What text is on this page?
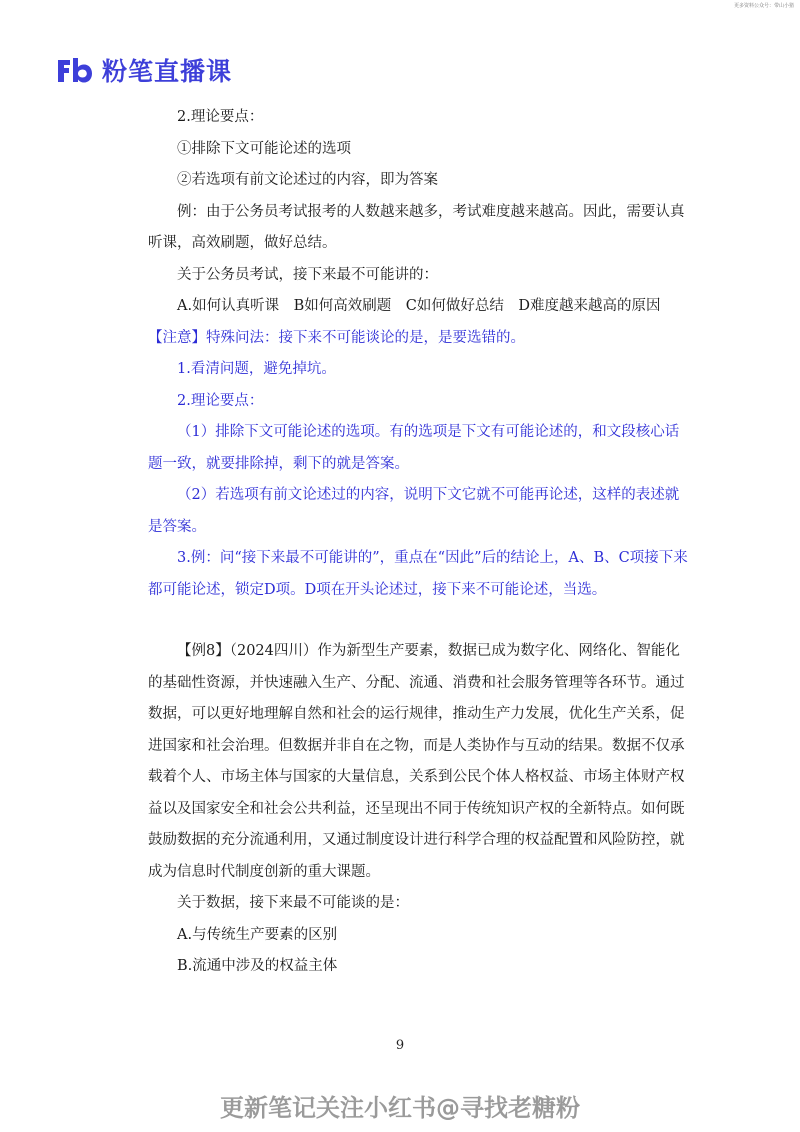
更多资料公众号：带山小猪
粉笔直播课

2.理论要点：

①排除下文可能论述的选项

②若选项有前文论述过的内容，即为答案

例：由于公务员考试报考的人数越来越多，考试难度越来越高。因此，需要认真听课，高效刷题，做好总结。

关于公务员考试，接下来最不可能讲的：

A.如何认真听课　B如何高效刷题　C如何做好总结　D难度越来越高的原因

【注意】特殊问法：接下来不可能谈论的是，是要选错的。

1.看清问题，避免掉坑。

2.理论要点：

（1）排除下文可能论述的选项。有的选项是下文有可能论述的，和文段核心话题一致，就要排除掉，剩下的就是答案。

（2）若选项有前文论述过的内容，说明下文它就不可能再论述，这样的表述就是答案。

3.例：问“接下来最不可能讲的”，重点在“因此”后的结论上，A、B、C项接下来都可能论述，锁定D项。D项在开头论述过，接下来不可能论述，当选。

【例8】（2024四川）作为新型生产要素，数据已成为数字化、网络化、智能化的基础性资源，并快速融入生产、分配、流通、消费和社会服务管理等各环节。通过数据，可以更好地理解自然和社会的运行规律，推动生产力发展，优化生产关系，促进国家和社会治理。但数据并非自在之物，而是人类协作与互动的结果。数据不仅承载着个人、市场主体与国家的大量信息，关系到公民个体人格权益、市场主体财产权益以及国家安全和社会公共利益，还呈现出不同于传统知识产权的全新特点。如何既鼓励数据的充分流通利用，又通过制度设计进行科学合理的权益配置和风险防控，就成为信息时代制度创新的重大课题。

关于数据，接下来最不可能谈的是：

A.与传统生产要素的区别

B.流通中涉及的权益主体

9
更新笔记关注小红书@寻找老糖粉
